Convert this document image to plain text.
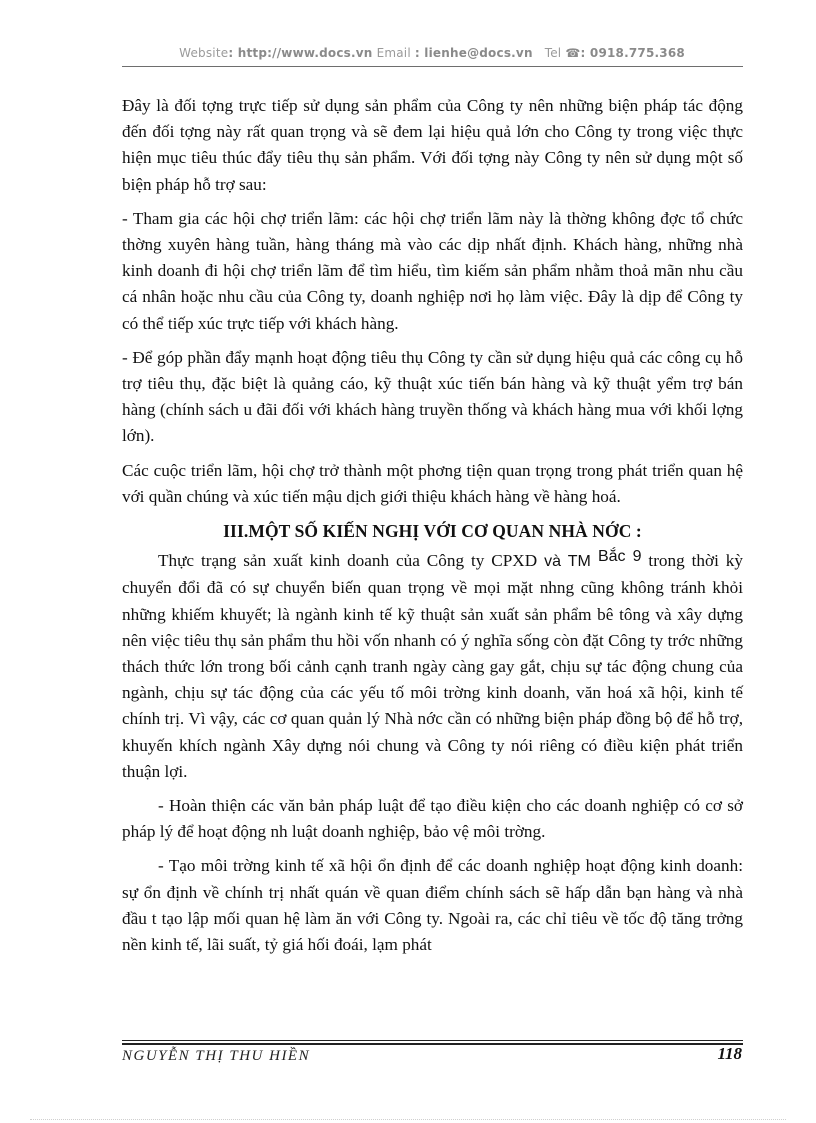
Website: http://www.docs.vn Email : lienhe@docs.vn Tel ☎: 0918.775.368

Đây là đối tợng trực tiếp sử dụng sản phẩm của Công ty nên những biện pháp tác động đến đối tợng này rất quan trọng và sẽ đem lại hiệu quả lớn cho Công ty trong việc thực hiện mục tiêu thúc đẩy tiêu thụ sản phẩm. Với đối tợng này Công ty nên sử dụng một số biện pháp hỗ trợ sau:

- Tham gia các hội chợ triển lãm: các hội chợ triển lãm này là thờng không đợc tổ chức thờng xuyên hàng tuần, hàng tháng mà vào các dịp nhất định. Khách hàng, những nhà kinh doanh đi hội chợ triển lãm để tìm hiểu, tìm kiếm sản phẩm nhằm thoả mãn nhu cầu cá nhân hoặc nhu cầu của Công ty, doanh nghiệp nơi họ làm việc. Đây là dịp để Công ty có thể tiếp xúc trực tiếp với khách hàng.

- Để góp phần đẩy mạnh hoạt động tiêu thụ Công ty cần sử dụng hiệu quả các công cụ hỗ trợ tiêu thụ, đặc biệt là quảng cáo, kỹ thuật xúc tiến bán hàng và kỹ thuật yểm trợ bán hàng (chính sách u đãi đối với khách hàng truyền thống và khách hàng mua với khối lợng lớn).

Các cuộc triển lãm, hội chợ trở thành một phơng tiện quan trọng trong phát triển quan hệ với quần chúng và xúc tiến mậu dịch giới thiệu khách hàng về hàng hoá.

III.MỘT SỐ KIẾN NGHỊ VỚI CƠ QUAN NHÀ NỚC :

Thực trạng sản xuất kinh doanh của Công ty CPXD và TM Bắc 9 trong thời kỳ chuyển đổi đã có sự chuyển biến quan trọng về mọi mặt nhng cũng không tránh khỏi những khiếm khuyết; là ngành kinh tế kỹ thuật sản xuất sản phẩm bê tông và xây dựng nên việc tiêu thụ sản phẩm thu hồi vốn nhanh có ý nghĩa sống còn đặt Công ty trớc những thách thức lớn trong bối cảnh cạnh tranh ngày càng gay gắt, chịu sự tác động chung của ngành, chịu sự tác động của các yếu tố môi trờng kinh doanh, văn hoá xã hội, kinh tế chính trị. Vì vậy, các cơ quan quản lý Nhà nớc cần có những biện pháp đồng bộ để hỗ trợ, khuyến khích ngành Xây dựng nói chung và Công ty nói riêng có điều kiện phát triển thuận lợi.

- Hoàn thiện các văn bản pháp luật để tạo điều kiện cho các doanh nghiệp có cơ sở pháp lý để hoạt động nh luật doanh nghiệp, bảo vệ môi trờng.

- Tạo môi trờng kinh tế xã hội ổn định để các doanh nghiệp hoạt động kinh doanh: sự ổn định về chính trị nhất quán về quan điểm chính sách sẽ hấp dẫn bạn hàng và nhà đầu t tạo lập mối quan hệ làm ăn với Công ty. Ngoài ra, các chỉ tiêu về tốc độ tăng trởng nền kinh tế, lãi suất, tỷ giá hối đoái, lạm phát

NGUYỄN THỊ THU HIỀN	118
